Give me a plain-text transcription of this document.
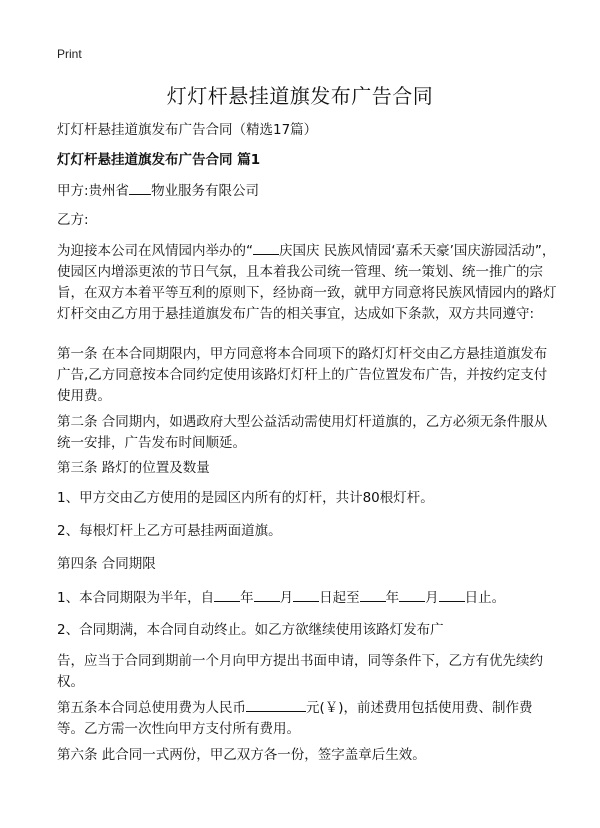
Print
灯灯杆悬挂道旗发布广告合同
灯灯杆悬挂道旗发布广告合同（精选17篇）
灯灯杆悬挂道旗发布广告合同 篇1
甲方:贵州省 物业服务有限公司
乙方:
为迎接本公司在风情园内举办的“ 庆国庆 民族风情园‘嘉禾天豪’国庆游园活动”，使园区内增添更浓的节日气氛，且本着我公司统一管理、统一策划、统一推广的宗旨，在双方本着平等互利的原则下，经协商一致，就甲方同意将民族风情园内的路灯灯杆交由乙方用于悬挂道旗发布广告的相关事宜，达成如下条款，双方共同遵守:
第一条 在本合同期限内，甲方同意将本合同项下的路灯灯杆交由乙方悬挂道旗发布广告,乙方同意按本合同约定使用该路灯灯杆上的广告位置发布广告，并按约定支付使用费。
第二条 合同期内，如遇政府大型公益活动需使用灯杆道旗的，乙方必须无条件服从统一安排，广告发布时间顺延。
第三条 路灯的位置及数量
1、甲方交由乙方使用的是园区内所有的灯杆，共计80根灯杆。
2、每根灯杆上乙方可悬挂两面道旗。
第四条 合同期限
1、本合同期限为半年，自 年 月 日起至 年 月 日止。
2、合同期满，本合同自动终止。如乙方欲继续使用该路灯发布广
告，应当于合同到期前一个月向甲方提出书面申请，同等条件下，乙方有优先续约权。
第五条本合同总使用费为人民币	元(￥)，前述费用包括使用费、制作费等。乙方需一次性向甲方支付所有费用。
第六条 此合同一式两份，甲乙双方各一份，签字盖章后生效。
